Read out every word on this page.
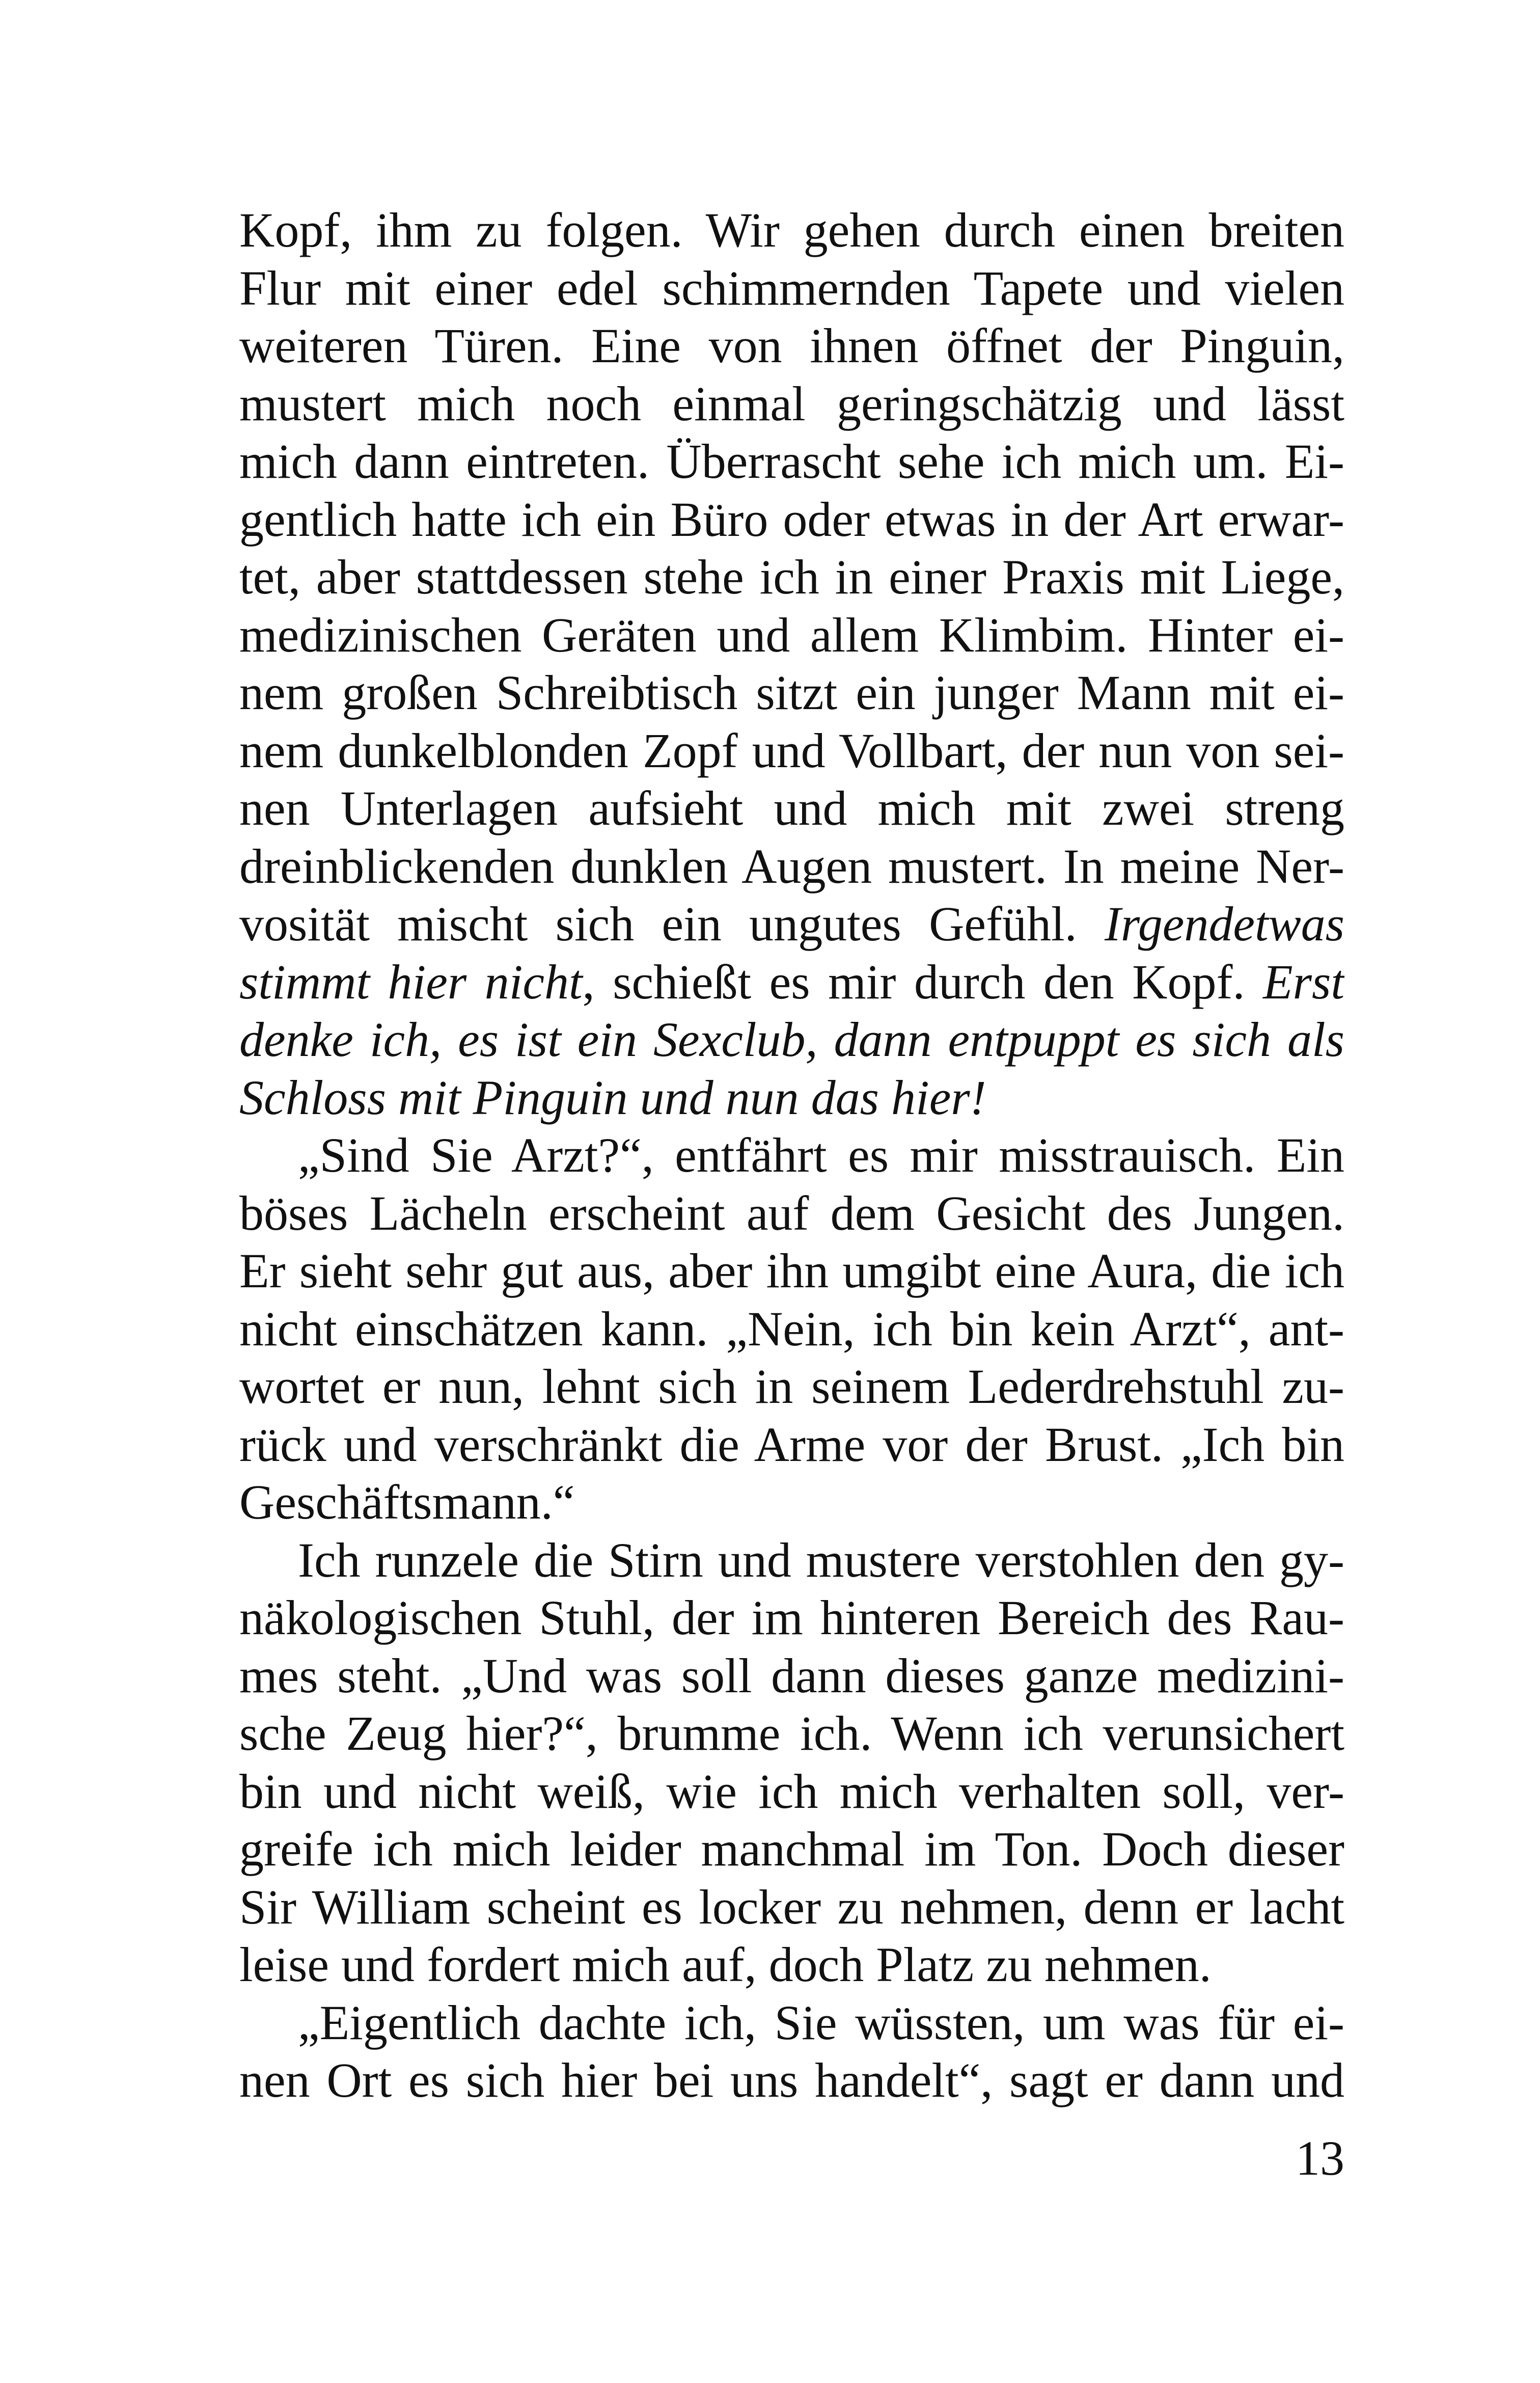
Kopf, ihm zu folgen. Wir gehen durch einen breiten
Flur mit einer edel schimmernden Tapete und vielen
weiteren Türen. Eine von ihnen öffnet der Pinguin,
mustert mich noch einmal geringschätzig und lässt
mich dann eintreten. Überrascht sehe ich mich um. Ei-
gentlich hatte ich ein Büro oder etwas in der Art erwar-
tet, aber stattdessen stehe ich in einer Praxis mit Liege,
medizinischen Geräten und allem Klimbim. Hinter ei-
nem großen Schreibtisch sitzt ein junger Mann mit ei-
nem dunkelblonden Zopf und Vollbart, der nun von sei-
nen Unterlagen aufsieht und mich mit zwei streng
dreinblickenden dunklen Augen mustert. In meine Ner-
vosität mischt sich ein ungutes Gefühl. Irgendetwas
stimmt hier nicht, schießt es mir durch den Kopf. Erst
denke ich, es ist ein Sexclub, dann entpuppt es sich als
Schloss mit Pinguin und nun das hier!
„Sind Sie Arzt?“, entfährt es mir misstrauisch. Ein
böses Lächeln erscheint auf dem Gesicht des Jungen.
Er sieht sehr gut aus, aber ihn umgibt eine Aura, die ich
nicht einschätzen kann. „Nein, ich bin kein Arzt“, ant-
wortet er nun, lehnt sich in seinem Lederdrehstuhl zu-
rück und verschränkt die Arme vor der Brust. „Ich bin
Geschäftsmann.“
Ich runzele die Stirn und mustere verstohlen den gy-
näkologischen Stuhl, der im hinteren Bereich des Rau-
mes steht. „Und was soll dann dieses ganze medizini-
sche Zeug hier?“, brumme ich. Wenn ich verunsichert
bin und nicht weiß, wie ich mich verhalten soll, ver-
greife ich mich leider manchmal im Ton. Doch dieser
Sir William scheint es locker zu nehmen, denn er lacht
leise und fordert mich auf, doch Platz zu nehmen.
„Eigentlich dachte ich, Sie wüssten, um was für ei-
nen Ort es sich hier bei uns handelt“, sagt er dann und
13
